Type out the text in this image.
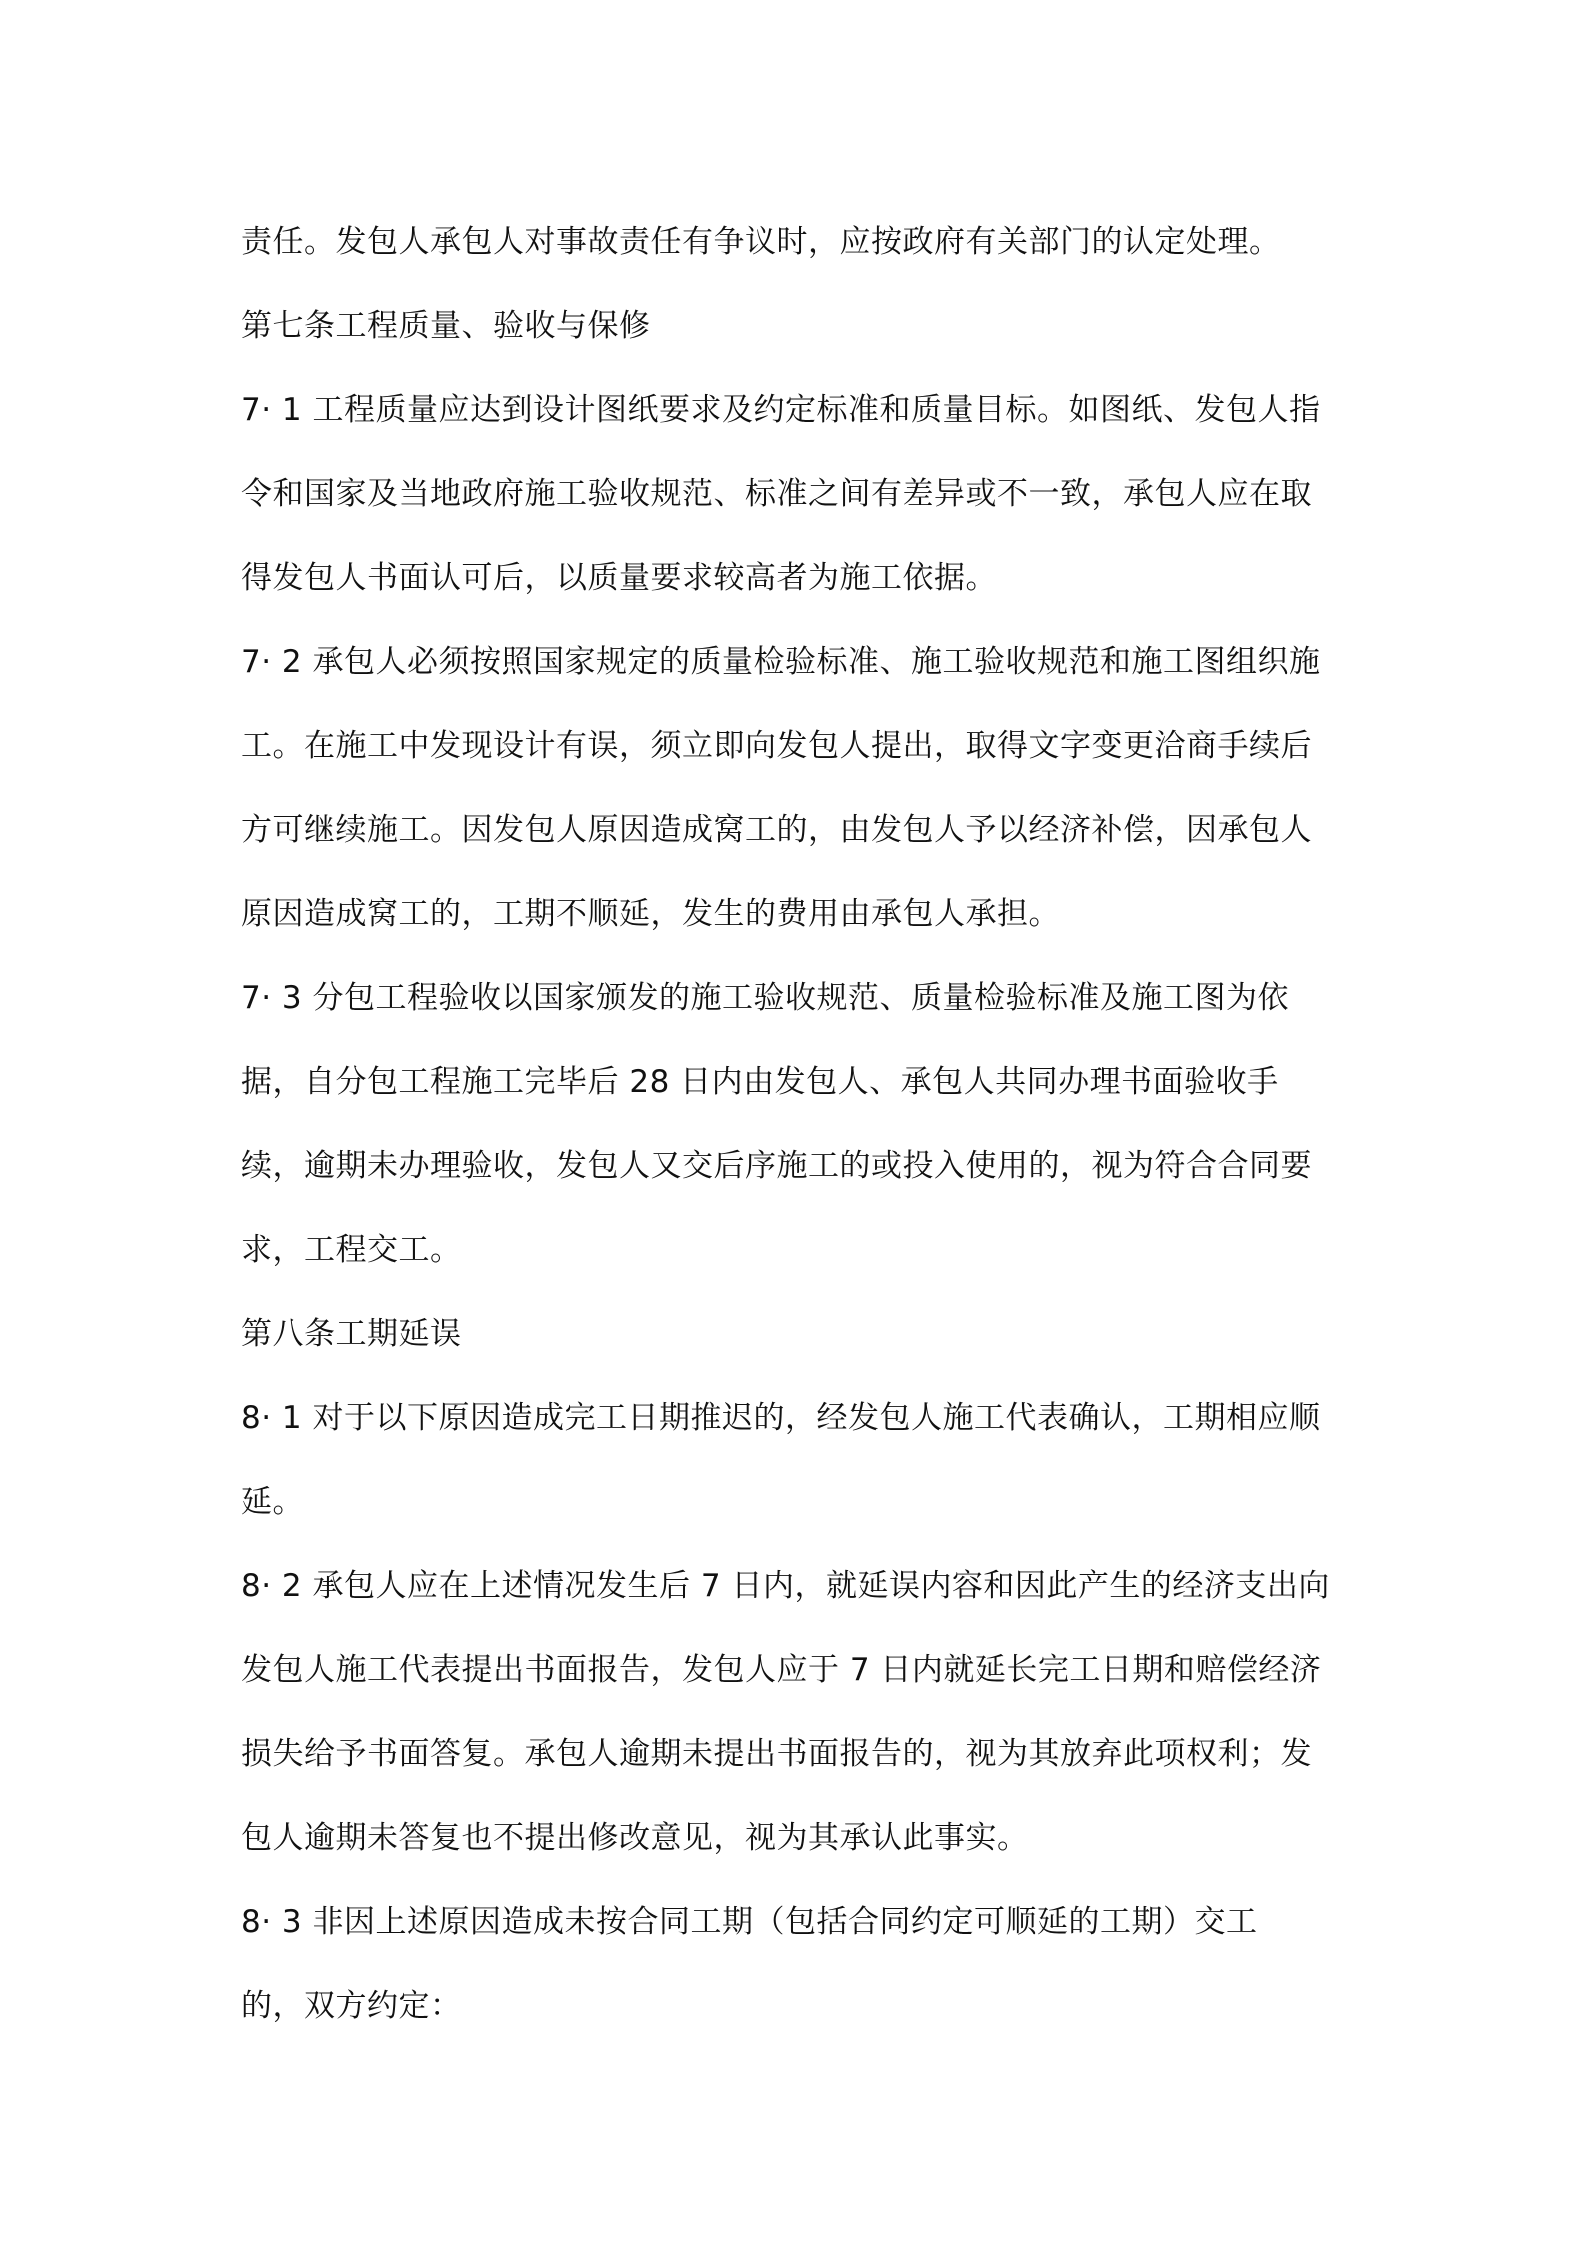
责任。发包人承包人对事故责任有争议时，应按政府有关部门的认定处理。
第七条工程质量、验收与保修
7· 1 工程质量应达到设计图纸要求及约定标准和质量目标。如图纸、发包人指
令和国家及当地政府施工验收规范、标准之间有差异或不一致，承包人应在取
得发包人书面认可后，以质量要求较高者为施工依据。
7· 2 承包人必须按照国家规定的质量检验标准、施工验收规范和施工图组织施
工。在施工中发现设计有误，须立即向发包人提出，取得文字变更洽商手续后
方可继续施工。因发包人原因造成窝工的，由发包人予以经济补偿，因承包人
原因造成窝工的，工期不顺延，发生的费用由承包人承担。
7· 3 分包工程验收以国家颁发的施工验收规范、质量检验标准及施工图为依
据，自分包工程施工完毕后 28 日内由发包人、承包人共同办理书面验收手
续，逾期未办理验收，发包人又交后序施工的或投入使用的，视为符合合同要
求，工程交工。
第八条工期延误
8· 1 对于以下原因造成完工日期推迟的，经发包人施工代表确认，工期相应顺
延。
8· 2 承包人应在上述情况发生后 7 日内，就延误内容和因此产生的经济支出向
发包人施工代表提出书面报告，发包人应于 7 日内就延长完工日期和赔偿经济
损失给予书面答复。承包人逾期未提出书面报告的，视为其放弃此项权利；发
包人逾期未答复也不提出修改意见，视为其承认此事实。
8· 3 非因上述原因造成未按合同工期（包括合同约定可顺延的工期）交工
的，双方约定：
